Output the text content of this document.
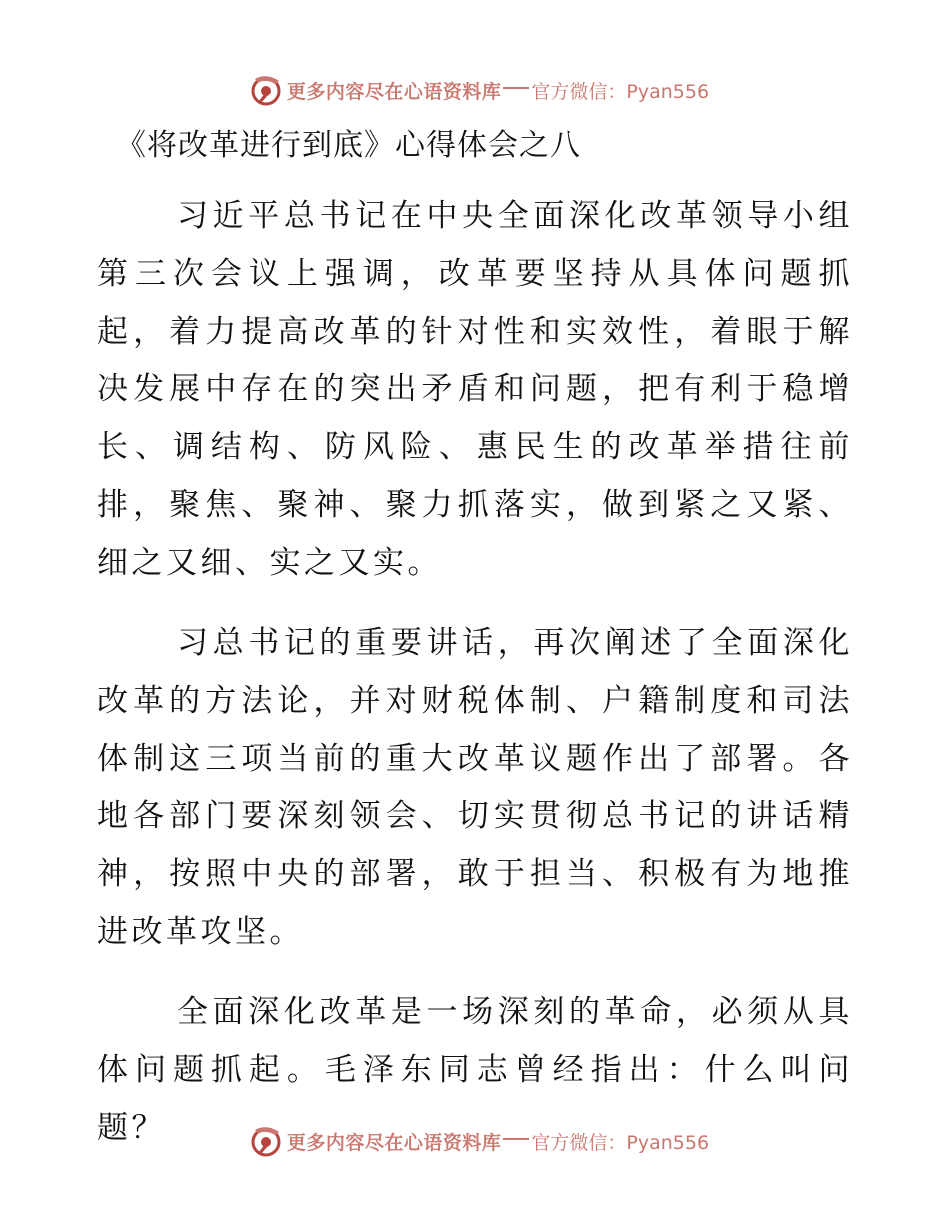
更多内容尽在心语资料库 官方微信：Pyan556
《将改革进行到底》心得体会之八

习近平总书记在中央全面深化改革领导小组第三次会议上强调，改革要坚持从具体问题抓起，着力提高改革的针对性和实效性，着眼于解决发展中存在的突出矛盾和问题，把有利于稳增长、调结构、防风险、惠民生的改革举措往前排，聚焦、聚神、聚力抓落实，做到紧之又紧、细之又细、实之又实。

习总书记的重要讲话，再次阐述了全面深化改革的方法论，并对财税体制、户籍制度和司法体制这三项当前的重大改革议题作出了部署。各地各部门要深刻领会、切实贯彻总书记的讲话精神，按照中央的部署，敢于担当、积极有为地推进改革攻坚。

全面深化改革是一场深刻的革命，必须从具体问题抓起。毛泽东同志曾经指出：什么叫问题？	更多内容尽在心语资料库 官方微信：Pyan556
